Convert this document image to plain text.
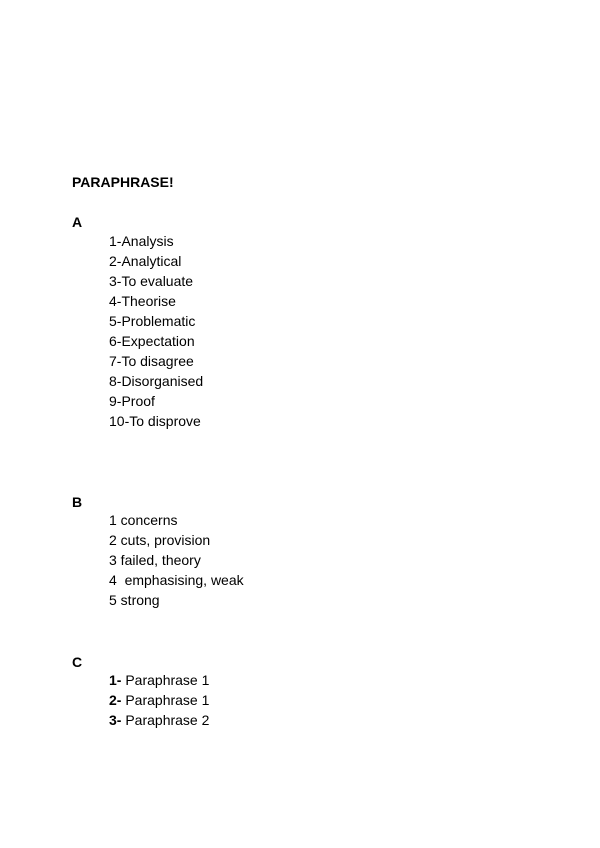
PARAPHRASE!
A
1-Analysis
2-Analytical
3-To evaluate
4-Theorise
5-Problematic
6-Expectation
7-To disagree
8-Disorganised
9-Proof
10-To disprove
B
1 concerns
2 cuts, provision
3 failed, theory
4  emphasising, weak
5 strong
C
1- Paraphrase 1
2- Paraphrase 1
3- Paraphrase 2
